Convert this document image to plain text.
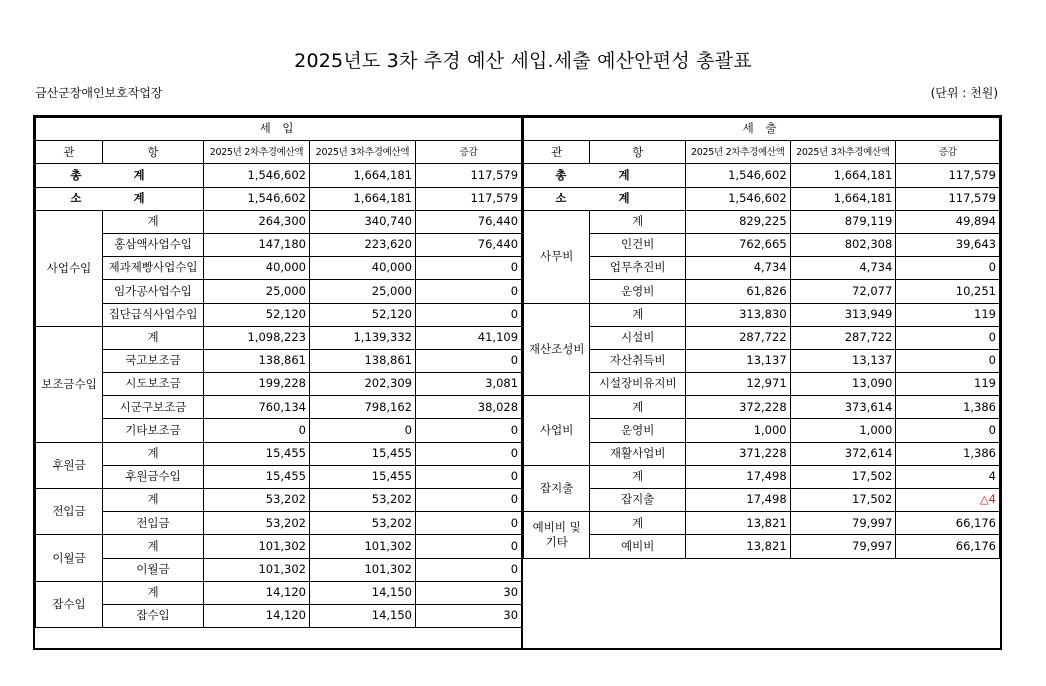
2025년도 3차 추경 예산 세입.세출 예산안편성 총괄표
금산군장애인보호작업장	(단위 : 천원)
세 입				
관	항	2025년 2차추경예산액	2025년 3차추경예산액	증감
총 계		1,546,602	1,664,181	117,579
소 계		1,546,602	1,664,181	117,579
사업수입	계	264,300	340,740	76,440
	홍삼액사업수입	147,180	223,620	76,440
	제과제빵사업수입	40,000	40,000	0
	임가공사업수입	25,000	25,000	0
	집단급식사업수입	52,120	52,120	0
보조금수입	계	1,098,223	1,139,332	41,109
	국고보조금	138,861	138,861	0
	시도보조금	199,228	202,309	3,081
	시군구보조금	760,134	798,162	38,028
	기타보조금	0	0	0
후원금	계	15,455	15,455	0
	후원금수입	15,455	15,455	0
전입금	계	53,202	53,202	0
	전입금	53,202	53,202	0
이월금	계	101,302	101,302	0
	이월금	101,302	101,302	0
잡수입	계	14,120	14,150	30
	잡수입	14,120	14,150	30
세 출				
관	항	2025년 2차추경예산액	2025년 3차추경예산액	증감
총 계		1,546,602	1,664,181	117,579
소 계		1,546,602	1,664,181	117,579
사무비	계	829,225	879,119	49,894
	인건비	762,665	802,308	39,643
	업무추진비	4,734	4,734	0
	운영비	61,826	72,077	10,251
재산조성비	계	313,830	313,949	119
	시설비	287,722	287,722	0
	자산취득비	13,137	13,137	0
	시설장비유지비	12,971	13,090	119
사업비	계	372,228	373,614	1,386
	운영비	1,000	1,000	0
	재활사업비	371,228	372,614	1,386
잡지출	계	17,498	17,502	4
	잡지출	17,498	17,502	△4
예비비 및 기타	계	13,821	79,997	66,176
	예비비	13,821	79,997	66,176
